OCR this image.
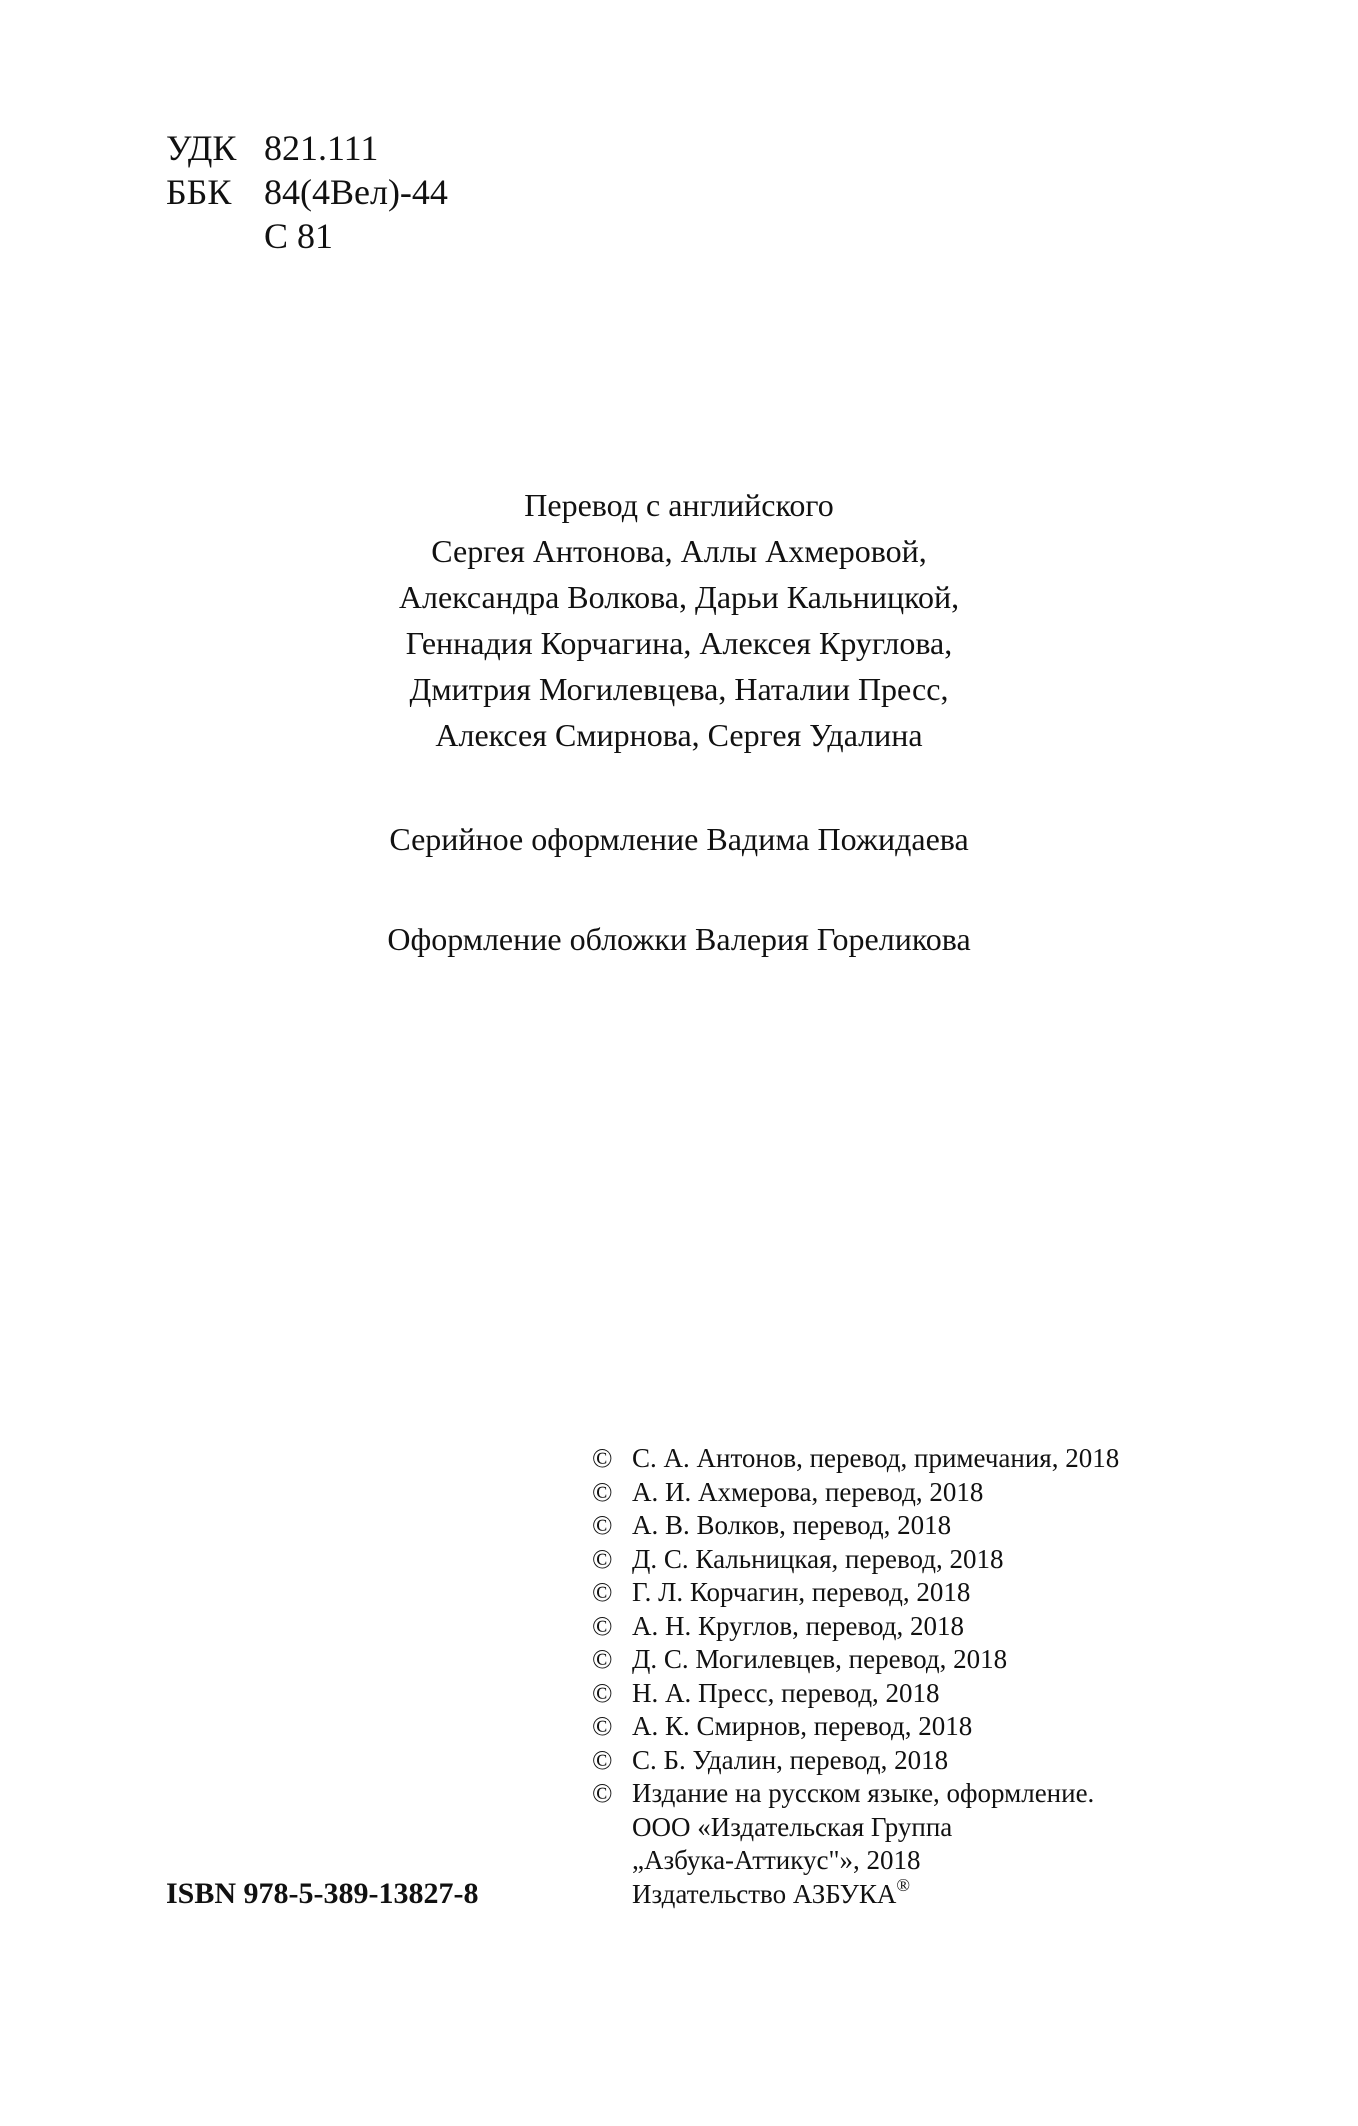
УДК 821.111
ББК 84(4Вел)-44
С 81
Перевод с английского
Сергея Антонова, Аллы Ахмеровой,
Александра Волкова, Дарьи Кальницкой,
Геннадия Корчагина, Алексея Круглова,
Дмитрия Могилевцева, Наталии Пресс,
Алексея Смирнова, Сергея Удалина
Серийное оформление Вадима Пожидаева
Оформление обложки Валерия Гореликова
© С. А. Антонов, перевод, примечания, 2018
© А. И. Ахмерова, перевод, 2018
© А. В. Волков, перевод, 2018
© Д. С. Кальницкая, перевод, 2018
© Г. Л. Корчагин, перевод, 2018
© А. Н. Круглов, перевод, 2018
© Д. С. Могилевцев, перевод, 2018
© Н. А. Пресс, перевод, 2018
© А. К. Смирнов, перевод, 2018
© С. Б. Удалин, перевод, 2018
© Издание на русском языке, оформление.
ООО «Издательская Группа
„Азбука-Аттикус"», 2018
Издательство АЗБУКА®
ISBN 978-5-389-13827-8
